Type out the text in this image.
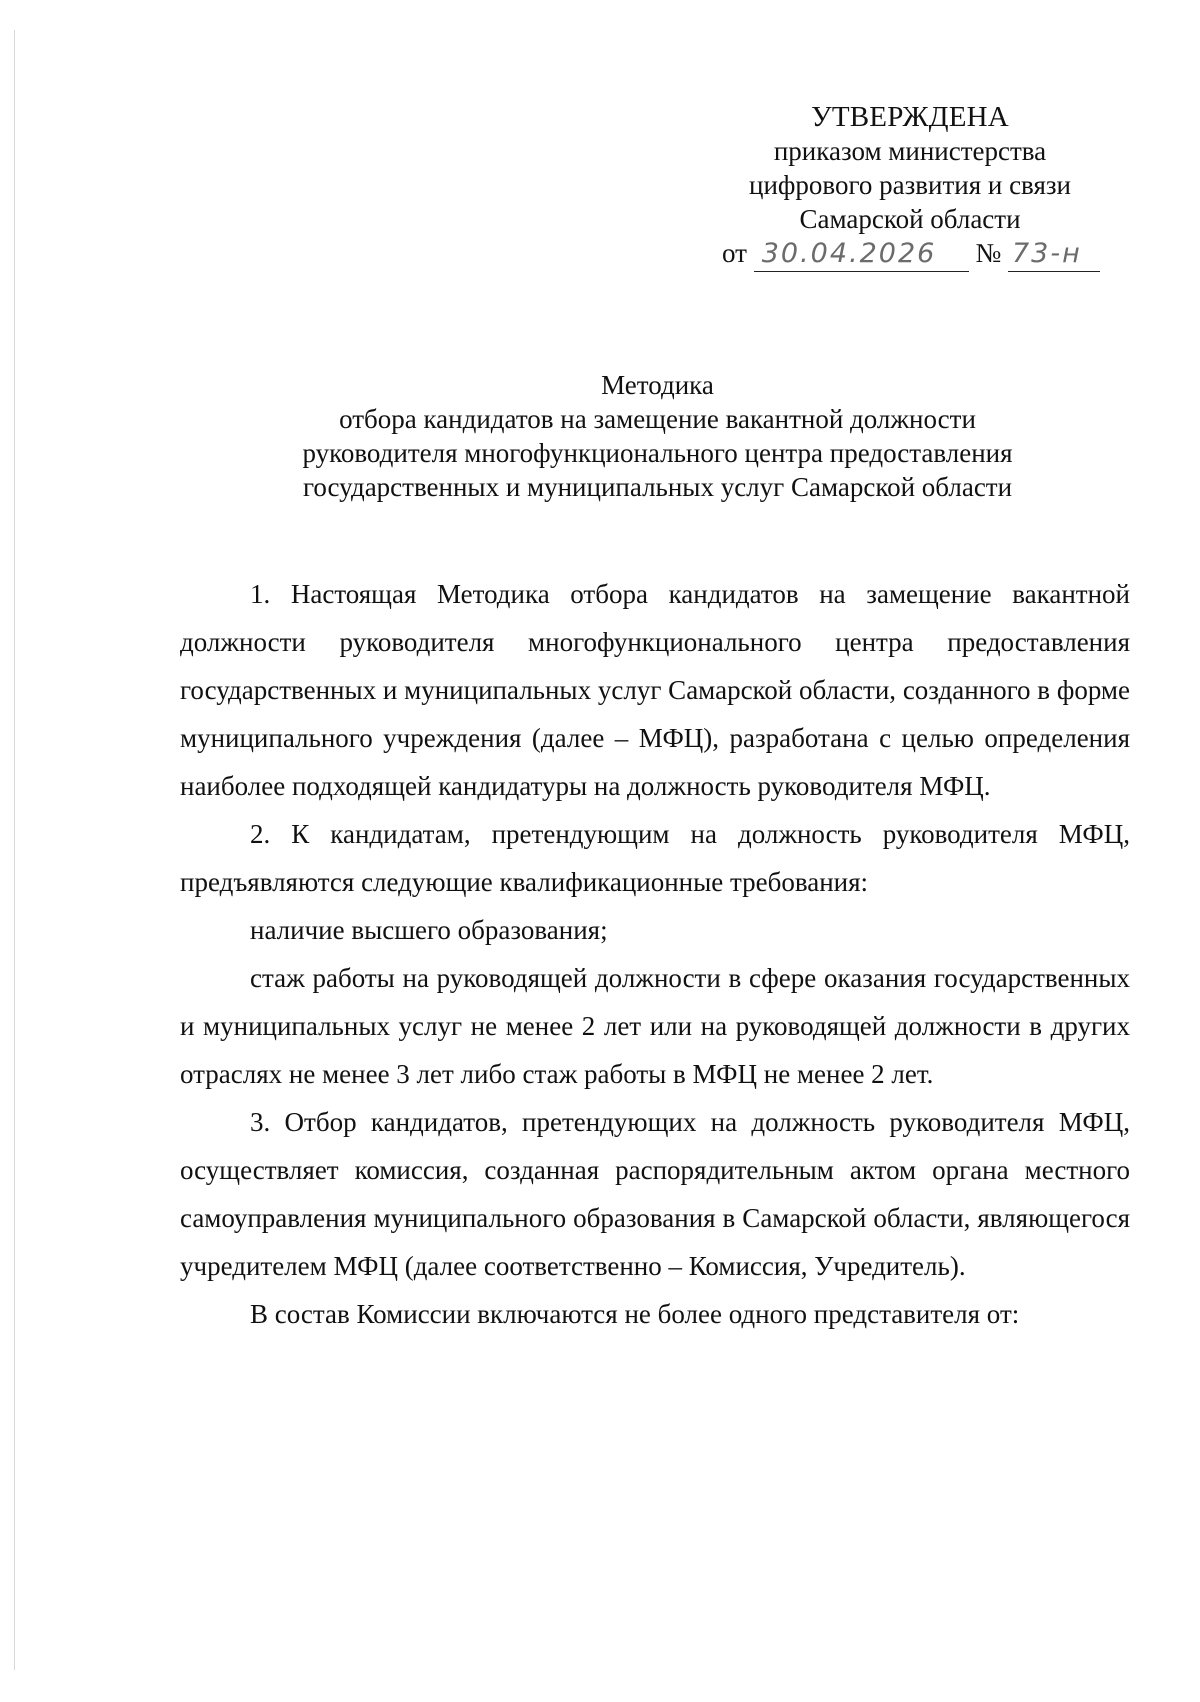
УТВЕРЖДЕНА
приказом министерства
цифрового развития и связи
Самарской области
от 30.04.2026 № 73-н
Методика
отбора кандидатов на замещение вакантной должности
руководителя многофункционального центра предоставления
государственных и муниципальных услуг Самарской области

1. Настоящая Методика отбора кандидатов на замещение вакантной должности руководителя многофункционального центра предоставления государственных и муниципальных услуг Самарской области, созданного в форме муниципального учреждения (далее – МФЦ), разработана с целью определения наиболее подходящей кандидатуры на должность руководителя МФЦ.

2. К кандидатам, претендующим на должность руководителя МФЦ, предъявляются следующие квалификационные требования:

наличие высшего образования;

стаж работы на руководящей должности в сфере оказания государственных и муниципальных услуг не менее 2 лет или на руководящей должности в других отраслях не менее 3 лет либо стаж работы в МФЦ не менее 2 лет.

3. Отбор кандидатов, претендующих на должность руководителя МФЦ, осуществляет комиссия, созданная распорядительным актом органа местного самоуправления муниципального образования в Самарской области, являющегося учредителем МФЦ (далее соответственно – Комиссия, Учредитель).

В состав Комиссии включаются не более одного представителя от:
